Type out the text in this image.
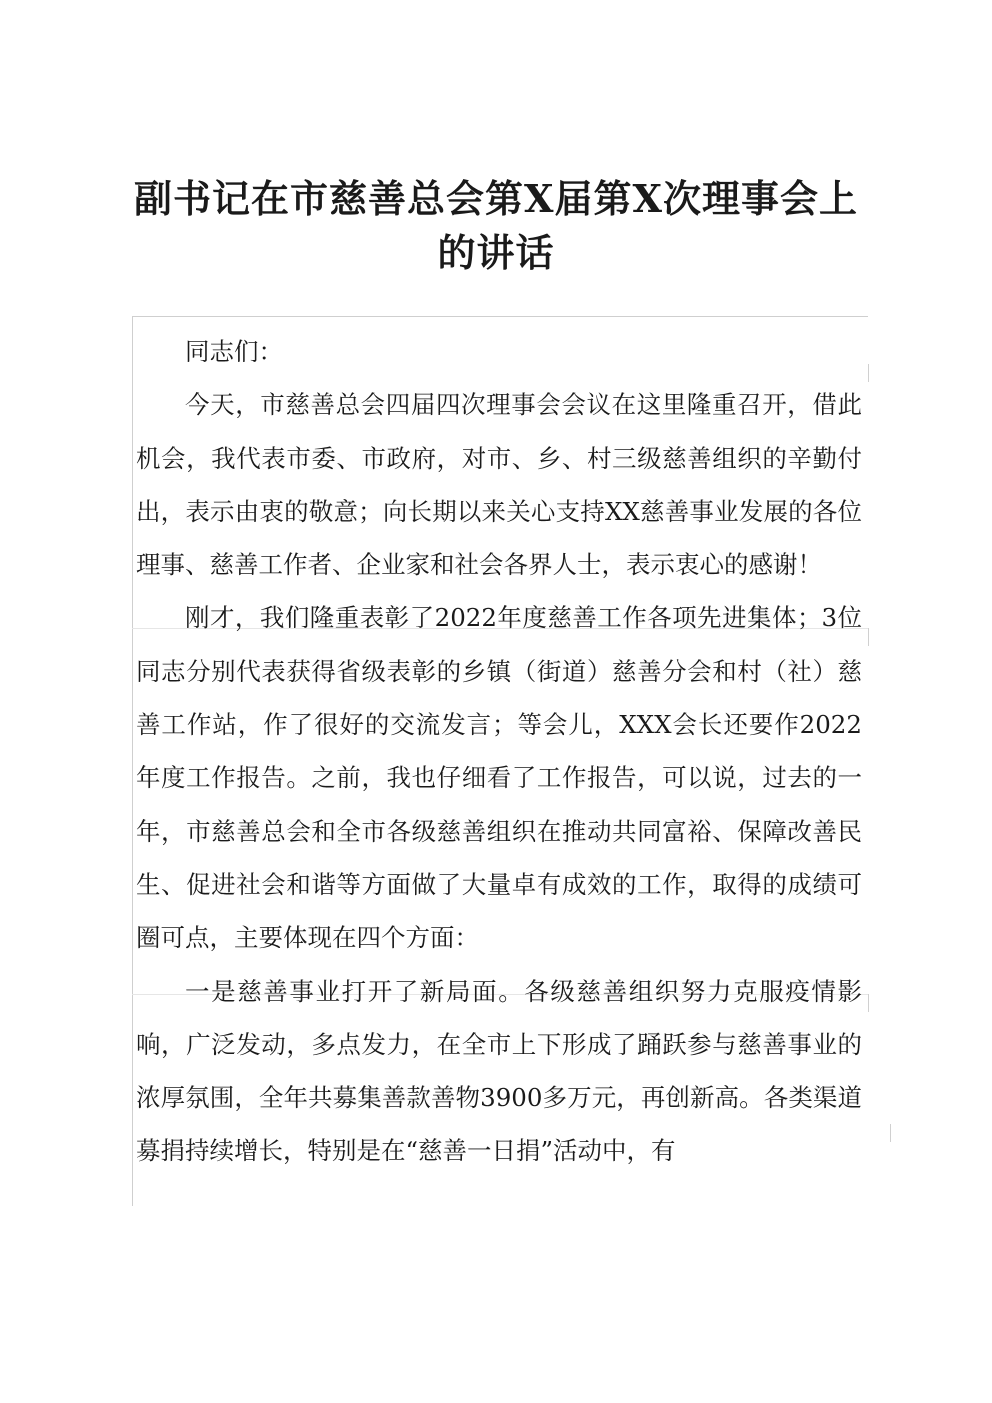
副书记在市慈善总会第X届第X次理事会上的讲话

同志们：

今天，市慈善总会四届四次理事会会议在这里隆重召开，借此机会，我代表市委、市政府，对市、乡、村三级慈善组织的辛勤付出，表示由衷的敬意；向长期以来关心支持XX慈善事业发展的各位理事、慈善工作者、企业家和社会各界人士，表示衷心的感谢！

刚才，我们隆重表彰了2022年度慈善工作各项先进集体；3位同志分别代表获得省级表彰的乡镇（街道）慈善分会和村（社）慈善工作站，作了很好的交流发言；等会儿，XXX会长还要作2022年度工作报告。之前，我也仔细看了工作报告，可以说，过去的一年，市慈善总会和全市各级慈善组织在推动共同富裕、保障改善民生、促进社会和谐等方面做了大量卓有成效的工作，取得的成绩可圈可点，主要体现在四个方面：

一是慈善事业打开了新局面。各级慈善组织努力克服疫情影响，广泛发动，多点发力，在全市上下形成了踊跃参与慈善事业的浓厚氛围，全年共募集善款善物3900多万元，再创新高。各类渠道募捐持续增长，特别是在“慈善一日捐”活动中，有
